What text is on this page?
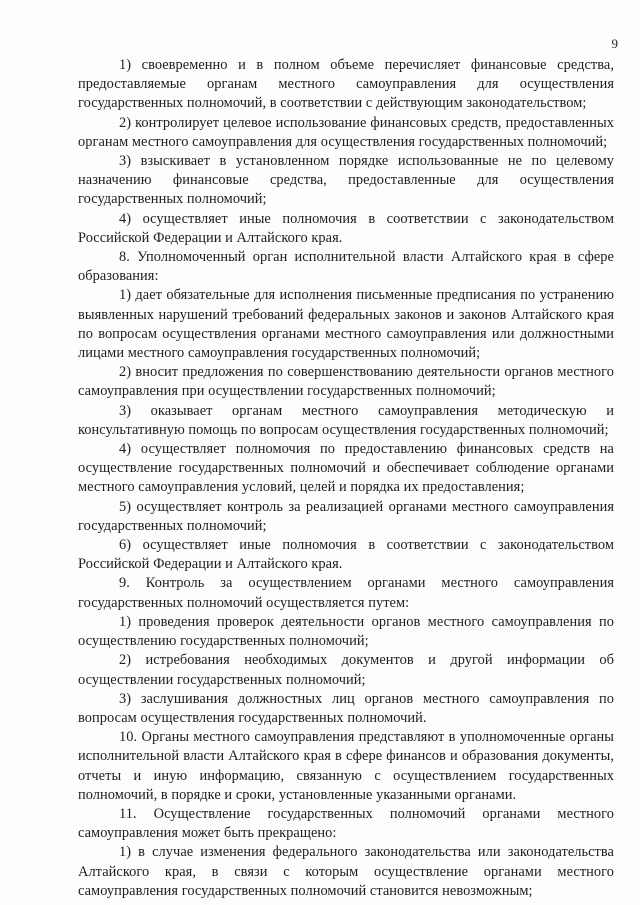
9

1) своевременно и в полном объеме перечисляет финансовые средства, предоставляемые органам местного самоуправления для осуществления государственных полномочий, в соответствии с действующим законодательством;

2) контролирует целевое использование финансовых средств, предоставленных органам местного самоуправления для осуществления государственных полномочий;

3) взыскивает в установленном порядке использованные не по целевому назначению финансовые средства, предоставленные для осуществления государственных полномочий;

4) осуществляет иные полномочия в соответствии с законодательством Российской Федерации и Алтайского края.

8. Уполномоченный орган исполнительной власти Алтайского края в сфере образования:

1) дает обязательные для исполнения письменные предписания по устранению выявленных нарушений требований федеральных законов и законов Алтайского края по вопросам осуществления органами местного самоуправления или должностными лицами местного самоуправления государственных полномочий;

2) вносит предложения по совершенствованию деятельности органов местного самоуправления при осуществлении государственных полномочий;

3) оказывает органам местного самоуправления методическую и консультативную помощь по вопросам осуществления государственных полномочий;

4) осуществляет полномочия по предоставлению финансовых средств на осуществление государственных полномочий и обеспечивает соблюдение органами местного самоуправления условий, целей и порядка их предоставления;

5) осуществляет контроль за реализацией органами местного самоуправления государственных полномочий;

6) осуществляет иные полномочия в соответствии с законодательством Российской Федерации и Алтайского края.

9. Контроль за осуществлением органами местного самоуправления государственных полномочий осуществляется путем:

1) проведения проверок деятельности органов местного самоуправления по осуществлению государственных полномочий;

2) истребования необходимых документов и другой информации об осуществлении государственных полномочий;

3) заслушивания должностных лиц органов местного самоуправления по вопросам осуществления государственных полномочий.

10. Органы местного самоуправления представляют в уполномоченные органы исполнительной власти Алтайского края в сфере финансов и образования документы, отчеты и иную информацию, связанную с осуществлением государственных полномочий, в порядке и сроки, установленные указанными органами.

11. Осуществление государственных полномочий органами местного самоуправления может быть прекращено:

1) в случае изменения федерального законодательства или законодательства Алтайского края, в связи с которым осуществление органами местного самоуправления государственных полномочий становится невозможным;
